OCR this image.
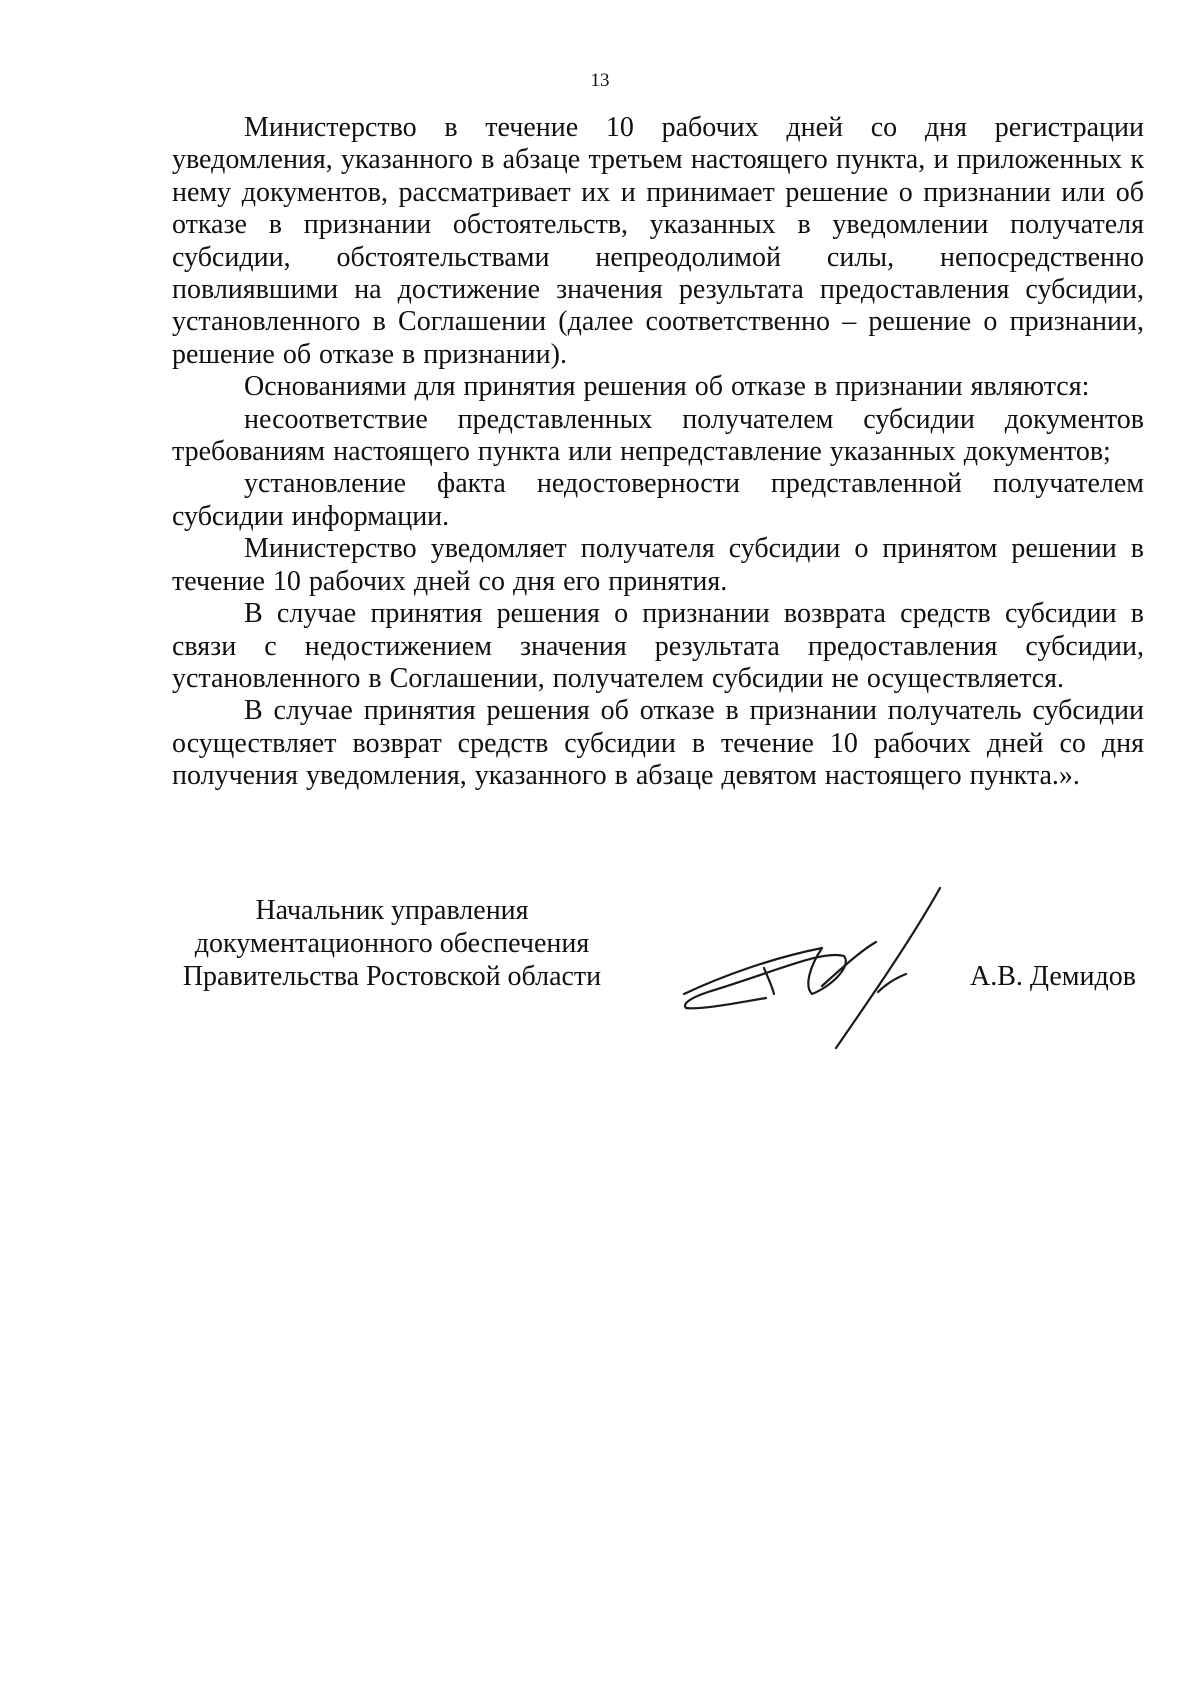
13

Министерство в течение 10 рабочих дней со дня регистрации уведомления, указанного в абзаце третьем настоящего пункта, и приложенных к нему документов, рассматривает их и принимает решение о признании или об отказе в признании обстоятельств, указанных в уведомлении получателя субсидии, обстоятельствами непреодолимой силы, непосредственно повлиявшими на достижение значения результата предоставления субсидии, установленного в Соглашении (далее соответственно – решение о признании, решение об отказе в признании).

Основаниями для принятия решения об отказе в признании являются:

несоответствие представленных получателем субсидии документов требованиям настоящего пункта или непредставление указанных документов;

установление факта недостоверности представленной получателем субсидии информации.

Министерство уведомляет получателя субсидии о принятом решении в течение 10 рабочих дней со дня его принятия.

В случае принятия решения о признании возврата средств субсидии в связи с недостижением значения результата предоставления субсидии, установленного в Соглашении, получателем субсидии не осуществляется.

В случае принятия решения об отказе в признании получатель субсидии осуществляет возврат средств субсидии в течение 10 рабочих дней со дня получения уведомления, указанного в абзаце девятом настоящего пункта.».

Начальник управления
документационного обеспечения
Правительства Ростовской области	А.В. Демидов
